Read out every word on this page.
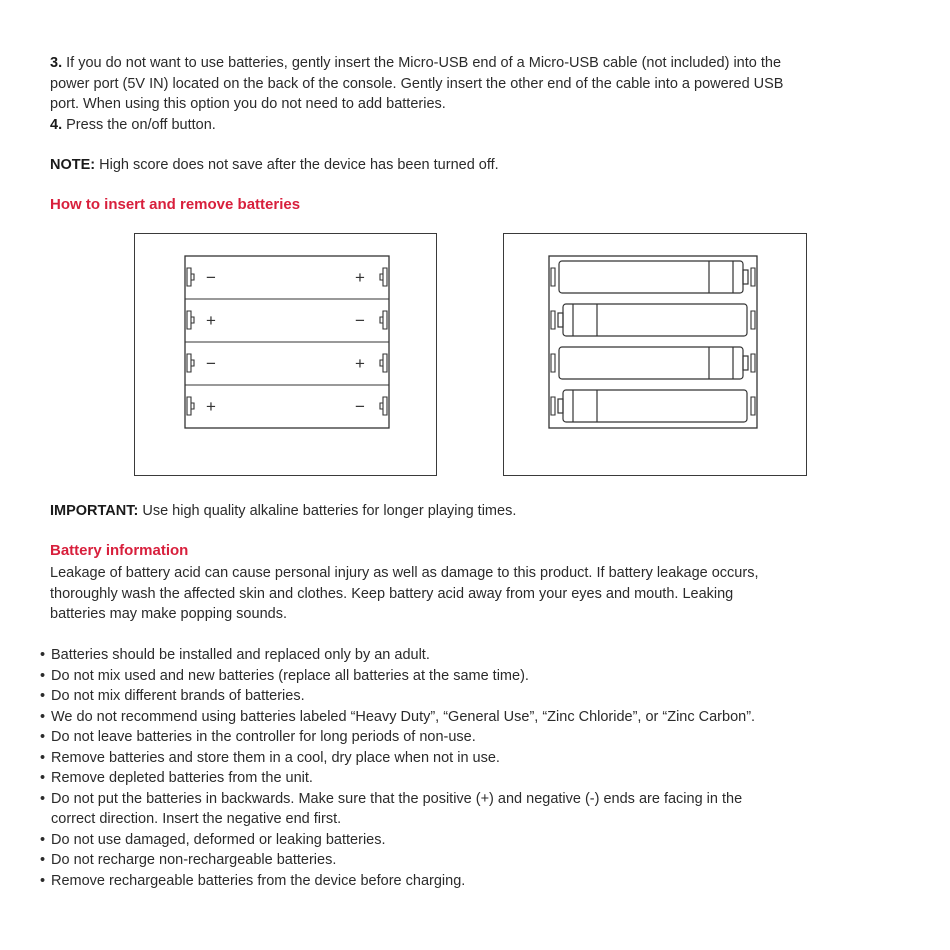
3. If you do not want to use batteries, gently insert the Micro-USB end of a Micro-USB cable (not included) into the

power port (5V IN) located on the back of the console. Gently insert the other end of the cable into a powered USB

port. When using this option you do not need to add batteries.

4. Press the on/off button.

NOTE: High score does not save after the device has been turned off.

How to insert and remove batteries
−	+
+	−
−	+
+	−

IMPORTANT: Use high quality alkaline batteries for longer playing times.

Battery information

Leakage of battery acid can cause personal injury as well as damage to this product. If battery leakage occurs,

thoroughly wash the affected skin and clothes. Keep battery acid away from your eyes and mouth. Leaking

batteries may make popping sounds.

• Batteries should be installed and replaced only by an adult.
• Do not mix used and new batteries (replace all batteries at the same time).
• Do not mix different brands of batteries.
• We do not recommend using batteries labeled “Heavy Duty”, “General Use”, “Zinc Chloride”, or “Zinc Carbon”.
• Do not leave batteries in the controller for long periods of non-use.
• Remove batteries and store them in a cool, dry place when not in use.
• Remove depleted batteries from the unit.
• Do not put the batteries in backwards. Make sure that the positive (+) and negative (-) ends are facing in the
correct direction. Insert the negative end first.
• Do not use damaged, deformed or leaking batteries.
• Do not recharge non-rechargeable batteries.
• Remove rechargeable batteries from the device before charging.
